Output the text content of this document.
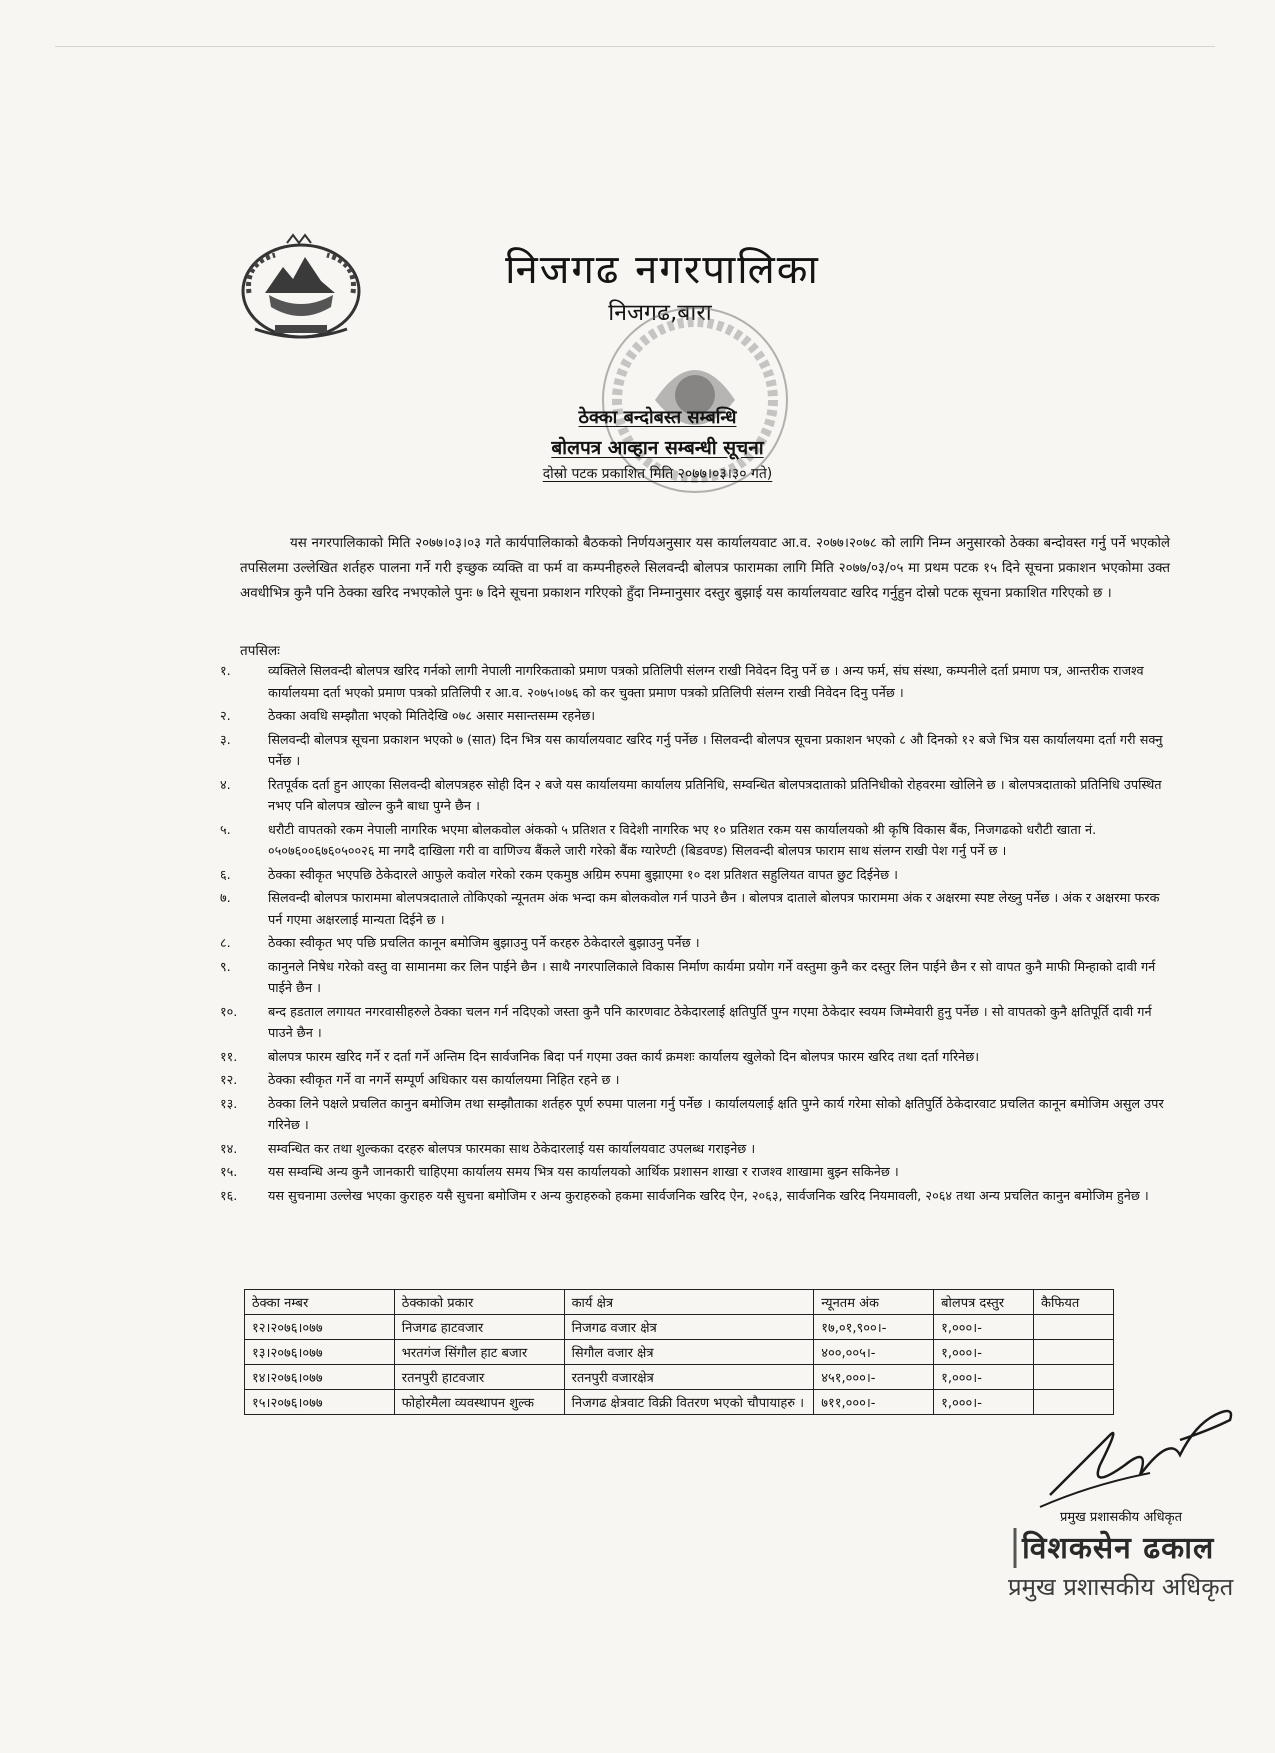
निजगढ नगरपालिका
निजगढ,बारा
ठेक्का बन्दोबस्त सम्बन्धि
बोलपत्र आव्हान सम्बन्धी सूचना
दोस्रो पटक प्रकाशित मिति २०७७।०३।३० गते)

यस नगरपालिकाको मिति २०७७।०३।०३ गते कार्यपालिकाको बैठकको निर्णयअनुसार यस कार्यालयवाट आ.व. २०७७।२०७८ को लागि निम्न अनुसारको ठेक्का बन्दोवस्त गर्नु पर्ने भएकोले तपसिलमा उल्लेखित शर्तहरु पालना गर्ने गरी इच्छुक व्यक्ति वा फर्म वा कम्पनीहरुले सिलवन्दी बोलपत्र फारामका लागि मिति २०७७/०३/०५ मा प्रथम पटक १५ दिने सूचना प्रकाशन भएकोमा उक्त अवधीभित्र कुनै पनि ठेक्का खरिद नभएकोले पुनः ७ दिने सूचना प्रकाशन गरिएको हुँदा निम्नानुसार दस्तुर बुझाई यस कार्यालयवाट खरिद गर्नुहुन दोस्रो पटक सूचना प्रकाशित गरिएको छ ।

तपसिलः
१.	व्यक्तिले सिलवन्दी बोलपत्र खरिद गर्नको लागी नेपाली नागरिकताको प्रमाण पत्रको प्रतिलिपी संलग्न राखी निवेदन दिनु पर्ने छ । अन्य फर्म, संघ संस्था, कम्पनीले दर्ता प्रमाण पत्र, आन्तरीक राजश्व कार्यालयमा दर्ता भएको प्रमाण पत्रको प्रतिलिपी र आ.व. २०७५।०७६ को कर चुक्ता प्रमाण पत्रको प्रतिलिपी संलग्न राखी निवेदन दिनु पर्नेछ ।
२.	ठेक्का अवधि सम्झौता भएको मितिदेखि ०७८ असार मसान्तसम्म रहनेछ।
३.	सिलवन्दी बोलपत्र सूचना प्रकाशन भएको ७ (सात) दिन भित्र यस कार्यालयवाट खरिद गर्नु पर्नेछ । सिलवन्दी बोलपत्र सूचना प्रकाशन भएको ८ औ दिनको १२ बजे भित्र यस कार्यालयमा दर्ता गरी सक्नु पर्नेछ ।
४.	रितपूर्वक दर्ता हुन आएका सिलवन्दी बोलपत्रहरु सोही दिन २ बजे यस कार्यालयमा कार्यालय प्रतिनिधि, सम्वन्धित बोलपत्रदाताको प्रतिनिधीको रोहवरमा खोलिने छ । बोलपत्रदाताको प्रतिनिधि उपस्थित नभए पनि बोलपत्र खोल्न कुनै बाधा पुग्ने छैन ।
५.	धरौटी वापतको रकम नेपाली नागरिक भएमा बोलकवोल अंकको ५ प्रतिशत र विदेशी नागरिक भए १० प्रतिशत रकम यस कार्यालयको श्री कृषि विकास बैंक, निजगढको धरौटी खाता नं. ०५०७६००६७६०५००२६ मा नगदै दाखिला गरी वा वाणिज्य बैंकले जारी गरेको बैंक ग्यारेण्टी (बिडवण्ड) सिलवन्दी बोलपत्र फाराम साथ संलग्न राखी पेश गर्नु पर्ने छ ।
६.	ठेक्का स्वीकृत भएपछि ठेकेदारले आफुले कवोल गरेको रकम एकमुष्ठ अग्रिम रुपमा बुझाएमा १० दश प्रतिशत सहुलियत वापत छुट दिईनेछ ।
७.	सिलवन्दी बोलपत्र फाराममा बोलपत्रदाताले तोकिएको न्यूनतम अंक भन्दा कम बोलकवोल गर्न पाउने छैन । बोलपत्र दाताले बोलपत्र फाराममा अंक र अक्षरमा स्पष्ट लेख्नु पर्नेछ । अंक र अक्षरमा फरक पर्न गएमा अक्षरलाई मान्यता दिईने छ ।
८.	ठेक्का स्वीकृत भए पछि प्रचलित कानून बमोजिम बुझाउनु पर्ने करहरु ठेकेदारले बुझाउनु पर्नेछ ।
९.	कानुनले निषेध गरेको वस्तु वा सामानमा कर लिन पाईने छैन । साथै नगरपालिकाले विकास निर्माण कार्यमा प्रयोग गर्ने वस्तुमा कुनै कर दस्तुर लिन पाईने छैन र सो वापत कुनै माफी मिन्हाको दावी गर्न पाईने छैन ।
१०.	बन्द हडताल लगायत नगरवासीहरुले ठेक्का चलन गर्न नदिएको जस्ता कुनै पनि कारणवाट ठेकेदारलाई क्षतिपुर्ति पुग्न गएमा ठेकेदार स्वयम जिम्मेवारी हुनु पर्नेछ । सो वापतको कुनै क्षतिपूर्ति दावी गर्न पाउने छैन ।
११.	बोलपत्र फारम खरिद गर्ने र दर्ता गर्ने अन्तिम दिन सार्वजनिक बिदा पर्न गएमा उक्त कार्य क्रमशः कार्यालय खुलेको दिन बोलपत्र फारम खरिद तथा दर्ता गरिनेछ।
१२.	ठेक्का स्वीकृत गर्ने वा नगर्ने सम्पूर्ण अधिकार यस कार्यालयमा निहित रहने छ ।
१३.	ठेक्का लिने पक्षले प्रचलित कानुन बमोजिम तथा सम्झौताका शर्तहरु पूर्ण रुपमा पालना गर्नु पर्नेछ । कार्यालयलाई क्षति पुग्ने कार्य गरेमा सोको क्षतिपुर्ति ठेकेदारवाट प्रचलित कानून बमोजिम असुल उपर गरिनेछ ।
१४.	सम्वन्धित कर तथा शुल्कका दरहरु बोलपत्र फारमका साथ ठेकेदारलाई यस कार्यालयवाट उपलब्ध गराइनेछ ।
१५.	यस सम्वन्धि अन्य कुनै जानकारी चाहिएमा कार्यालय समय भित्र यस कार्यालयको आर्थिक प्रशासन शाखा र राजश्व शाखामा बुझ्न सकिनेछ ।
१६.	यस सुचनामा उल्लेख भएका कुराहरु यसै सुचना बमोजिम र अन्य कुराहरुको हकमा सार्वजनिक खरिद ऐन, २०६३, सार्वजनिक खरिद नियमावली, २०६४ तथा अन्य प्रचलित कानुन बमोजिम हुनेछ ।
ठेक्का नम्बर	ठेक्काको प्रकार	कार्य क्षेत्र	न्यूनतम अंक	बोलपत्र दस्तुर	कैफियत
१२।२०७६।०७७	निजगढ हाटवजार	निजगढ वजार क्षेत्र	१७,०१,९००।-	१,०००।-	
१३।२०७६।०७७	भरतगंज सिंगौल हाट बजार	सिगौल वजार क्षेत्र	४००,००५।-	१,०००।-	
१४।२०७६।०७७	रतनपुरी हाटवजार	रतनपुरी वजारक्षेत्र	४५१,०००।-	१,०००।-	
१५।२०७६।०७७	फोहोरमैला व्यवस्थापन शुल्क	निजगढ क्षेत्रवाट विक्री वितरण भएको चौपायाहरु ।	७११,०००।-	१,०००।-	
प्रमुख प्रशासकीय अधिकृत
विशकसेन ढकाल
प्रमुख प्रशासकीय अधिकृत
